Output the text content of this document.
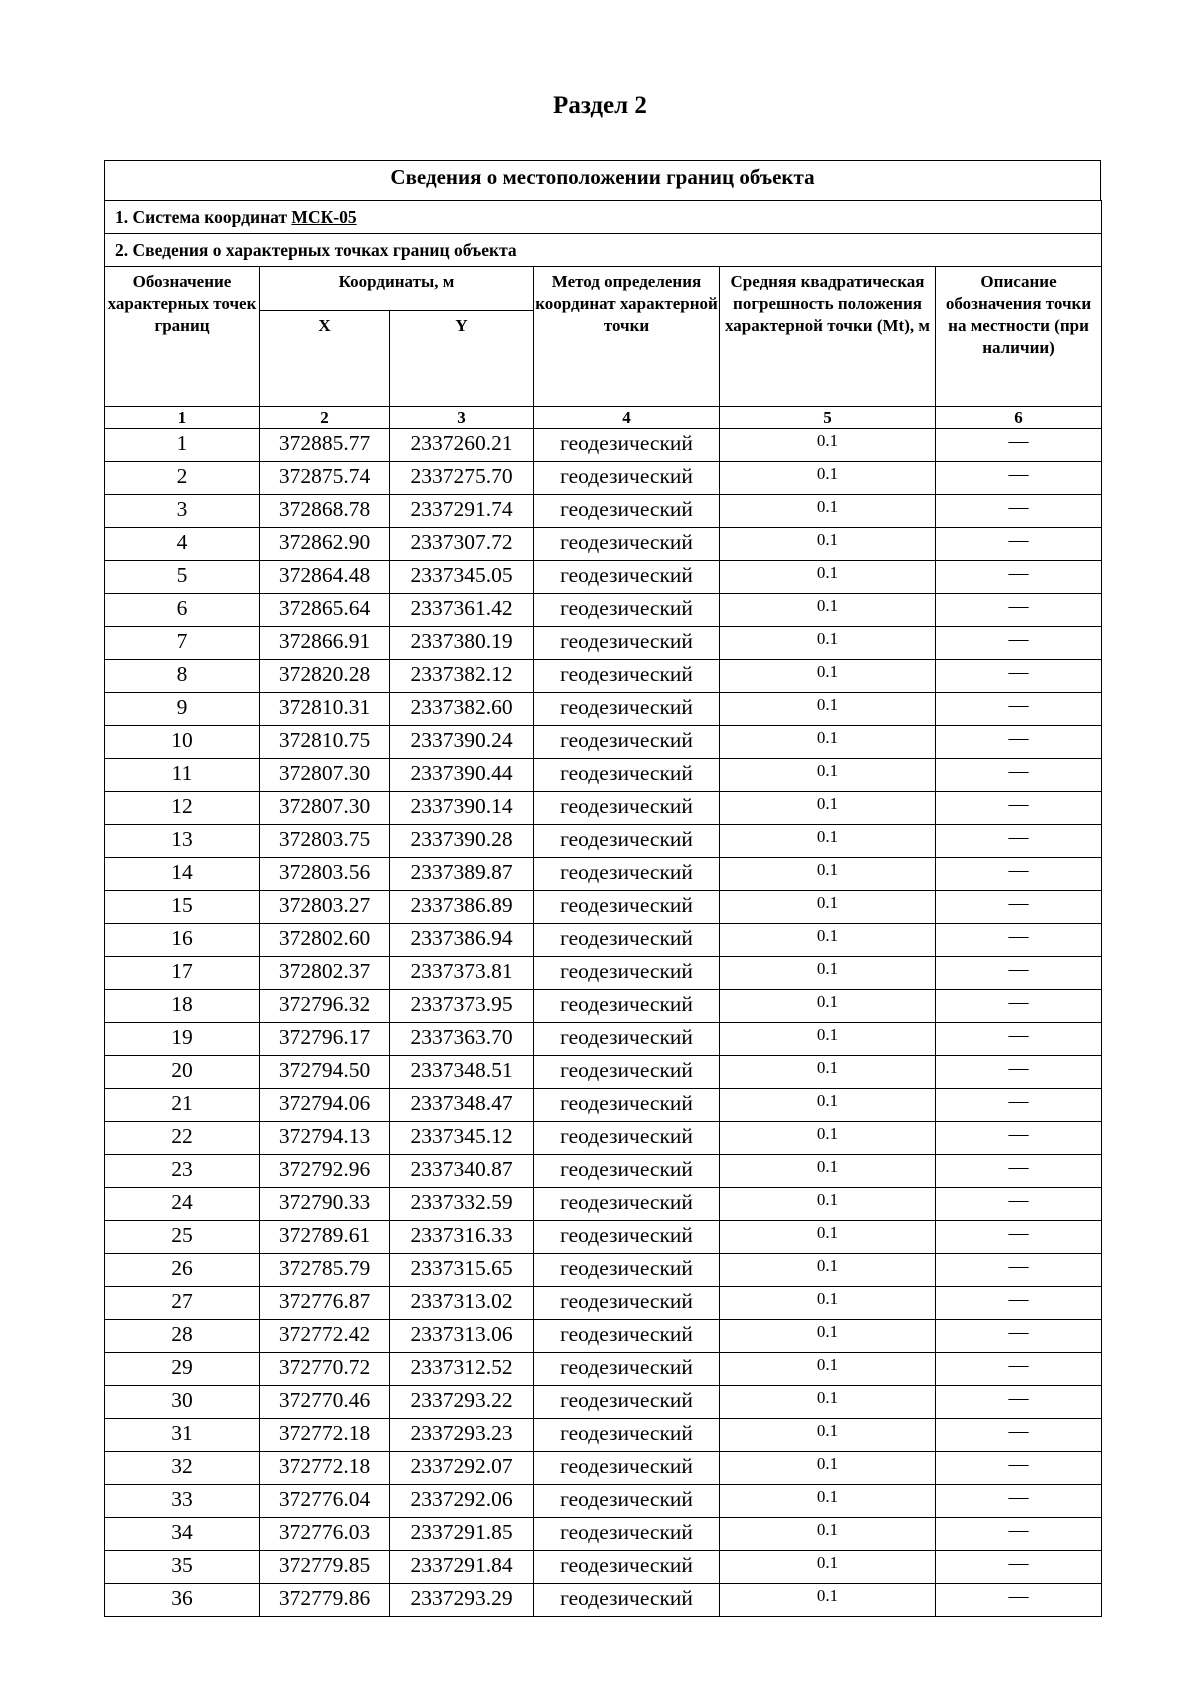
Раздел 2
Сведения о местоположении границ объекта
1. Система координат МСК-05					
2. Сведения о характерных точках границ объекта					
Обозначение характерных точек границ	Координаты, м		Метод определения координат характерной точки	Средняя квадратическая погрешность положения характерной точки (Mt), м	Описание обозначения точки на местности (при наличии)
	X	Y			
1	2	3	4	5	6
1	372885.77	2337260.21	геодезический	0.1	—
2	372875.74	2337275.70	геодезический	0.1	—
3	372868.78	2337291.74	геодезический	0.1	—
4	372862.90	2337307.72	геодезический	0.1	—
5	372864.48	2337345.05	геодезический	0.1	—
6	372865.64	2337361.42	геодезический	0.1	—
7	372866.91	2337380.19	геодезический	0.1	—
8	372820.28	2337382.12	геодезический	0.1	—
9	372810.31	2337382.60	геодезический	0.1	—
10	372810.75	2337390.24	геодезический	0.1	—
11	372807.30	2337390.44	геодезический	0.1	—
12	372807.30	2337390.14	геодезический	0.1	—
13	372803.75	2337390.28	геодезический	0.1	—
14	372803.56	2337389.87	геодезический	0.1	—
15	372803.27	2337386.89	геодезический	0.1	—
16	372802.60	2337386.94	геодезический	0.1	—
17	372802.37	2337373.81	геодезический	0.1	—
18	372796.32	2337373.95	геодезический	0.1	—
19	372796.17	2337363.70	геодезический	0.1	—
20	372794.50	2337348.51	геодезический	0.1	—
21	372794.06	2337348.47	геодезический	0.1	—
22	372794.13	2337345.12	геодезический	0.1	—
23	372792.96	2337340.87	геодезический	0.1	—
24	372790.33	2337332.59	геодезический	0.1	—
25	372789.61	2337316.33	геодезический	0.1	—
26	372785.79	2337315.65	геодезический	0.1	—
27	372776.87	2337313.02	геодезический	0.1	—
28	372772.42	2337313.06	геодезический	0.1	—
29	372770.72	2337312.52	геодезический	0.1	—
30	372770.46	2337293.22	геодезический	0.1	—
31	372772.18	2337293.23	геодезический	0.1	—
32	372772.18	2337292.07	геодезический	0.1	—
33	372776.04	2337292.06	геодезический	0.1	—
34	372776.03	2337291.85	геодезический	0.1	—
35	372779.85	2337291.84	геодезический	0.1	—
36	372779.86	2337293.29	геодезический	0.1	—
